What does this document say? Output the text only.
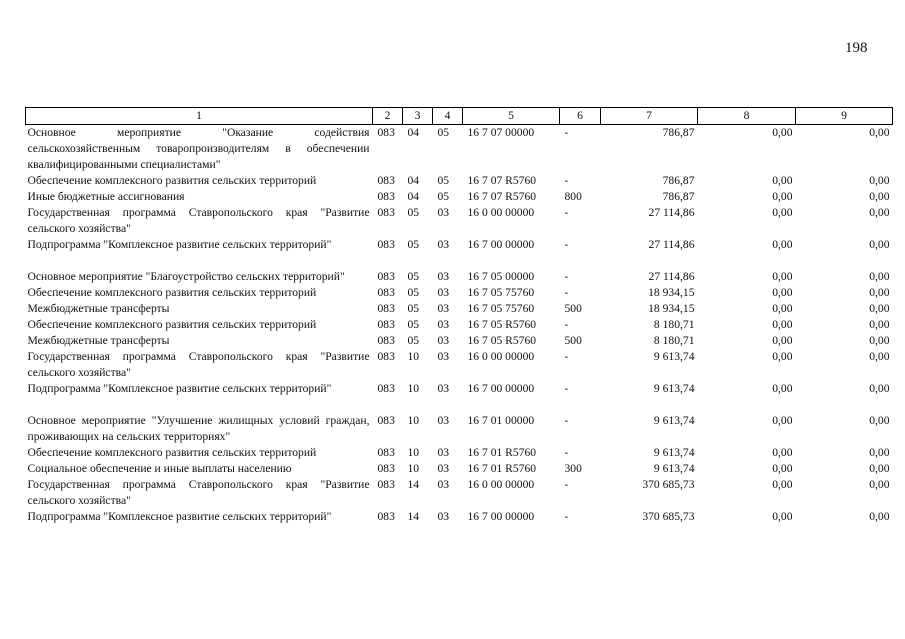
198
1	2	3	4	5	6	7	8	9
Основное мероприятие "Оказание содействия сельскохозяйственным товаропроизводителям в обеспечении квалифицированными специалистами"	083	04	05	16 7 07 00000	-	786,87	0,00	0,00
Обеспечение комплексного развития сельских территорий	083	04	05	16 7 07 R5760	-	786,87	0,00	0,00
Иные бюджетные ассигнования	083	04	05	16 7 07 R5760	800	786,87	0,00	0,00
Государственная программа Ставропольского края "Развитие сельского хозяйства"	083	05	03	16 0 00 00000	-	27 114,86	0,00	0,00
Подпрограмма "Комплексное развитие сельских территорий"	083	05	03	16 7 00 00000	-	27 114,86	0,00	0,00

Основное мероприятие "Благоустройство сельских территорий"	083	05	03	16 7 05 00000	-	27 114,86	0,00	0,00
Обеспечение комплексного развития сельских территорий	083	05	03	16 7 05 75760	-	18 934,15	0,00	0,00
Межбюджетные трансферты	083	05	03	16 7 05 75760	500	18 934,15	0,00	0,00
Обеспечение комплексного развития сельских территорий	083	05	03	16 7 05 R5760	-	8 180,71	0,00	0,00
Межбюджетные трансферты	083	05	03	16 7 05 R5760	500	8 180,71	0,00	0,00
Государственная программа Ставропольского края "Развитие сельского хозяйства"	083	10	03	16 0 00 00000	-	9 613,74	0,00	0,00
Подпрограмма "Комплексное развитие сельских территорий"	083	10	03	16 7 00 00000	-	9 613,74	0,00	0,00

Основное мероприятие "Улучшение жилищных условий граждан, проживающих на сельских территориях"	083	10	03	16 7 01 00000	-	9 613,74	0,00	0,00
Обеспечение комплексного развития сельских территорий	083	10	03	16 7 01 R5760	-	9 613,74	0,00	0,00
Социальное обеспечение и иные выплаты населению	083	10	03	16 7 01 R5760	300	9 613,74	0,00	0,00
Государственная программа Ставропольского края "Развитие сельского хозяйства"	083	14	03	16 0 00 00000	-	370 685,73	0,00	0,00
Подпрограмма "Комплексное развитие сельских территорий"	083	14	03	16 7 00 00000	-	370 685,73	0,00	0,00
